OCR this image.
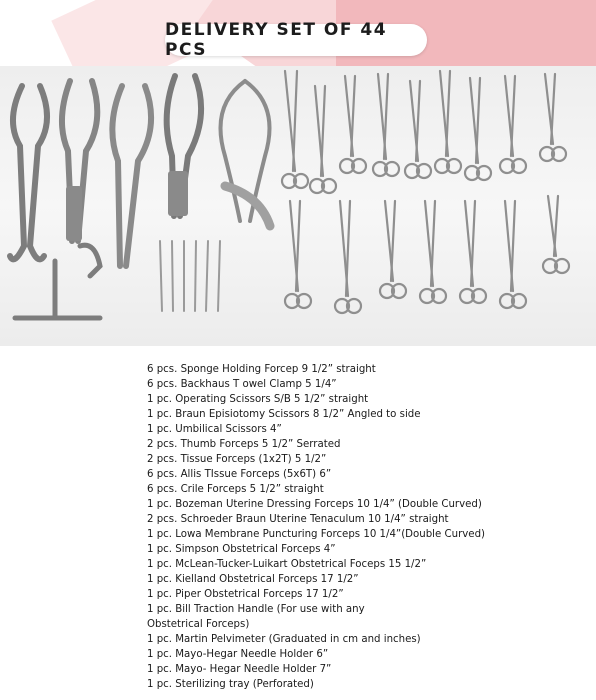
DELIVERY SET OF 44 PCS
6 pcs. Sponge Holding Forcep 9 1/2” straight
6 pcs. Backhaus T owel Clamp 5 1/4”
1 pc. Operating Scissors S/B 5 1/2” straight
1 pc. Braun Episiotomy Scissors 8 1/2” Angled to side
1 pc. Umbilical Scissors 4”
2 pcs. Thumb Forceps 5 1/2” Serrated
2 pcs. Tissue Forceps (1x2T) 5 1/2”
6 pcs. Allis TIssue Forceps (5x6T) 6”
6 pcs. Crile Forceps 5 1/2” straight
1 pc. Bozeman Uterine Dressing Forceps 10 1/4” (Double Curved)
2 pcs. Schroeder Braun Uterine Tenaculum 10 1/4” straight
1 pc. Lowa Membrane Puncturing Forceps 10 1/4”(Double Curved)
1 pc. Simpson Obstetrical Forceps 4”
1 pc. McLean-Tucker-Luikart Obstetrical Foceps 15 1/2”
1 pc. Kielland Obstetrical Forceps 17 1/2”
1 pc. Piper Obstetrical Forceps 17 1/2”
1 pc. Bill Traction Handle (For use with any
Obstetrical Forceps)
1 pc. Martin Pelvimeter (Graduated in cm and inches)
1 pc. Mayo-Hegar Needle Holder 6”
1 pc. Mayo- Hegar Needle Holder 7”
1 pc. Sterilizing tray (Perforated)
